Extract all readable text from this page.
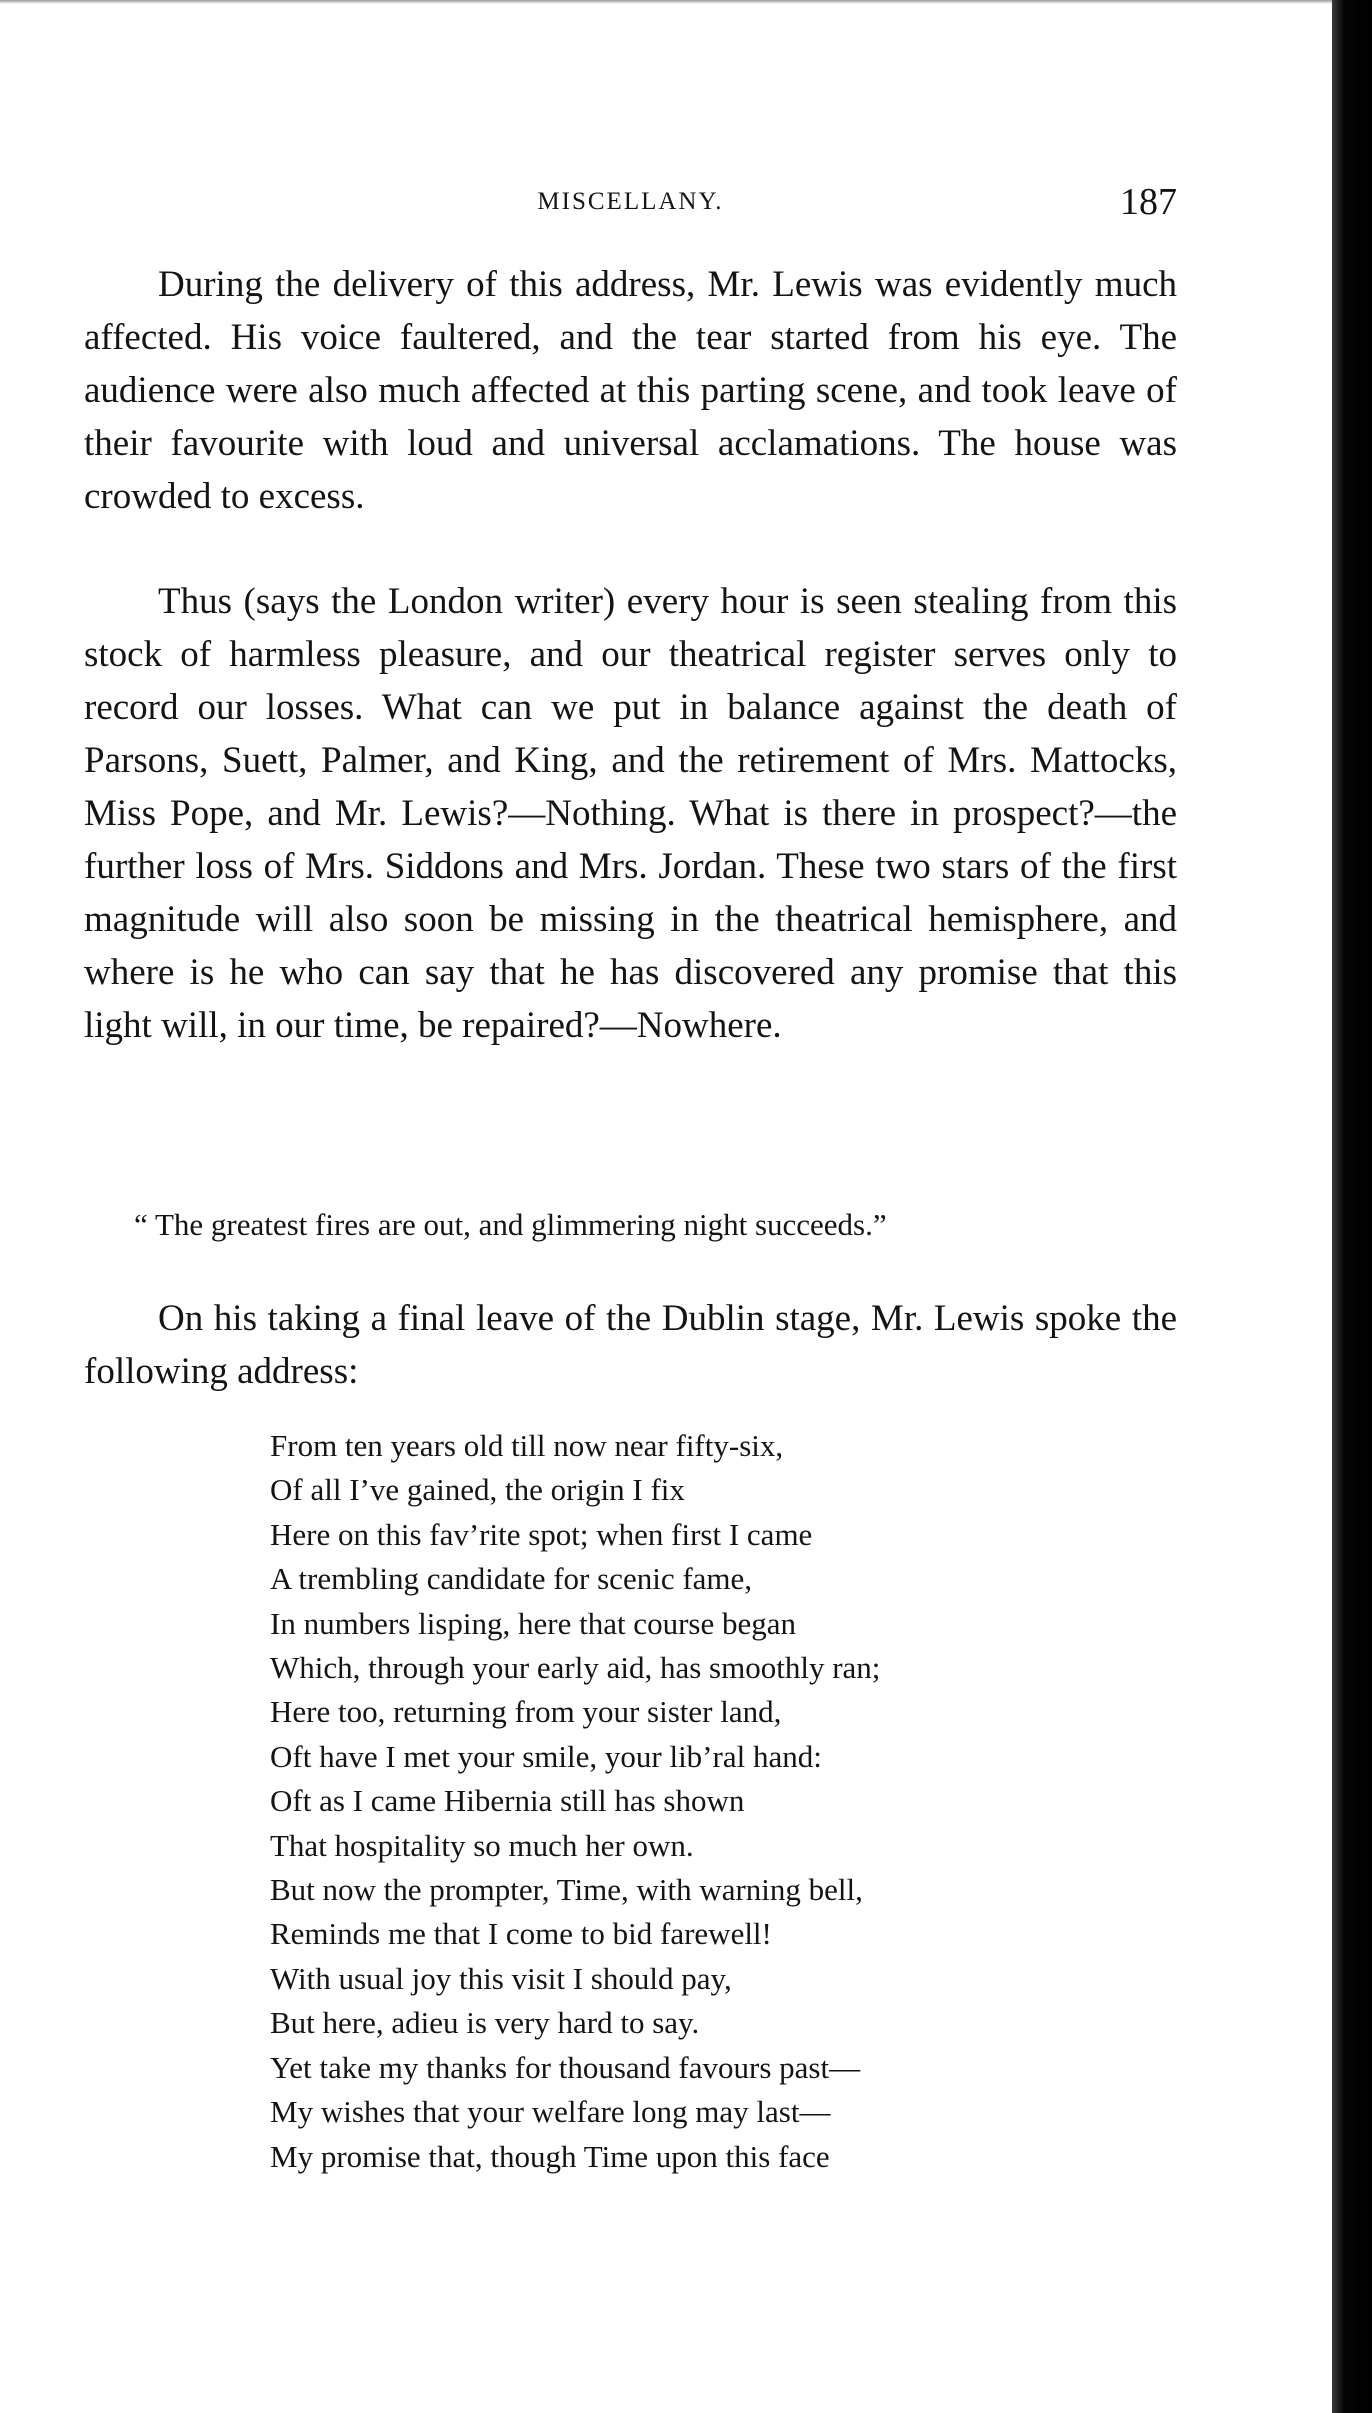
MISCELLANY.	187

During the delivery of this address, Mr. Lewis was evidently much affected. His voice faultered, and the tear started from his eye. The audience were also much affected at this parting scene, and took leave of their favourite with loud and universal acclamations. The house was crowded to excess.

Thus (says the London writer) every hour is seen stealing from this stock of harmless pleasure, and our theatrical register serves only to record our losses. What can we put in balance against the death of Parsons, Suett, Palmer, and King, and the retirement of Mrs. Mattocks, Miss Pope, and Mr. Lewis?—Nothing. What is there in prospect?—the further loss of Mrs. Siddons and Mrs. Jordan. These two stars of the first magnitude will also soon be missing in the theatrical hemisphere, and where is he who can say that he has discovered any promise that this light will, in our time, be repaired?—Nowhere.

“ The greatest fires are out, and glimmering night succeeds.”

On his taking a final leave of the Dublin stage, Mr. Lewis spoke the following address:

From ten years old till now near fifty-six,
Of all I’ve gained, the origin I fix
Here on this fav’rite spot; when first I came
A trembling candidate for scenic fame,
In numbers lisping, here that course began
Which, through your early aid, has smoothly ran;
Here too, returning from your sister land,
Oft have I met your smile, your lib’ral hand:
Oft as I came Hibernia still has shown
That hospitality so much her own.
But now the prompter, Time, with warning bell,
Reminds me that I come to bid farewell!
With usual joy this visit I should pay,
But here, adieu is very hard to say.
Yet take my thanks for thousand favours past—
My wishes that your welfare long may last—
My promise that, though Time upon this face
